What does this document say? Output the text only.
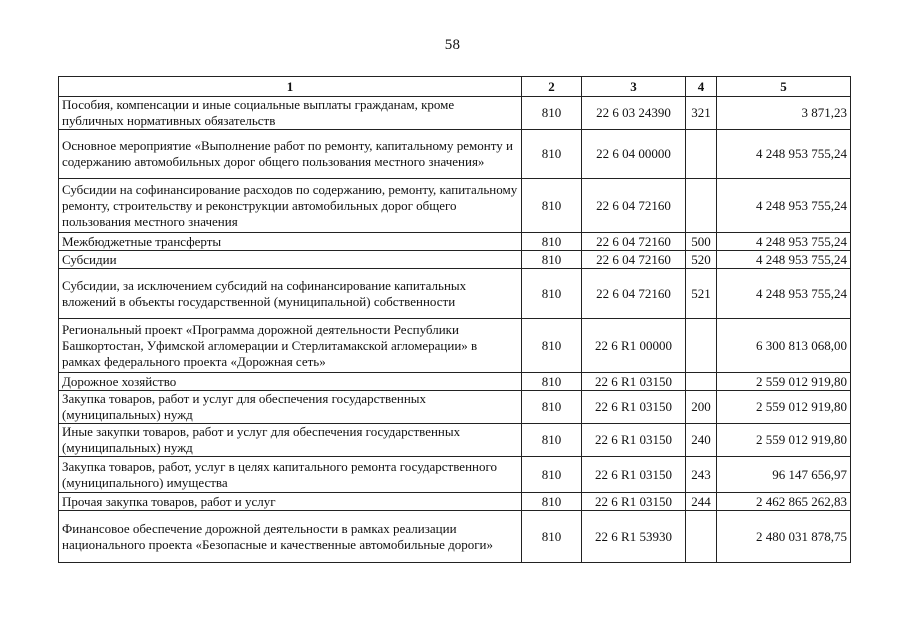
58
1	2	3	4	5
Пособия, компенсации и иные социальные выплаты гражданам, кроме публичных нормативных обязательств	810	22 6 03 24390	321	3 871,23
Основное мероприятие «Выполнение работ по ремонту, капитальному ремонту и содержанию автомобильных дорог общего пользования местного значения»	810	22 6 04 00000		4 248 953 755,24
Субсидии на софинансирование расходов по содержанию, ремонту, капитальному ремонту, строительству и реконструкции автомобильных дорог общего пользования местного значения	810	22 6 04 72160		4 248 953 755,24
Межбюджетные трансферты	810	22 6 04 72160	500	4 248 953 755,24
Субсидии	810	22 6 04 72160	520	4 248 953 755,24
Субсидии, за исключением субсидий на софинансирование капитальных вложений в объекты государственной (муниципальной) собственности	810	22 6 04 72160	521	4 248 953 755,24
Региональный проект «Программа дорожной деятельности Республики Башкортостан, Уфимской агломерации и Стерлитамакской агломерации» в рамках федерального проекта «Дорожная сеть»	810	22 6 R1 00000		6 300 813 068,00
Дорожное хозяйство	810	22 6 R1 03150		2 559 012 919,80
Закупка товаров, работ и услуг для обеспечения государственных (муниципальных) нужд	810	22 6 R1 03150	200	2 559 012 919,80
Иные закупки товаров, работ и услуг для обеспечения государственных (муниципальных) нужд	810	22 6 R1 03150	240	2 559 012 919,80
Закупка товаров, работ, услуг в целях капитального ремонта государственного (муниципального) имущества	810	22 6 R1 03150	243	96 147 656,97
Прочая закупка товаров, работ и услуг	810	22 6 R1 03150	244	2 462 865 262,83
Финансовое обеспечение дорожной деятельности в рамках реализации национального проекта «Безопасные и качественные автомобильные дороги»	810	22 6 R1 53930		2 480 031 878,75
